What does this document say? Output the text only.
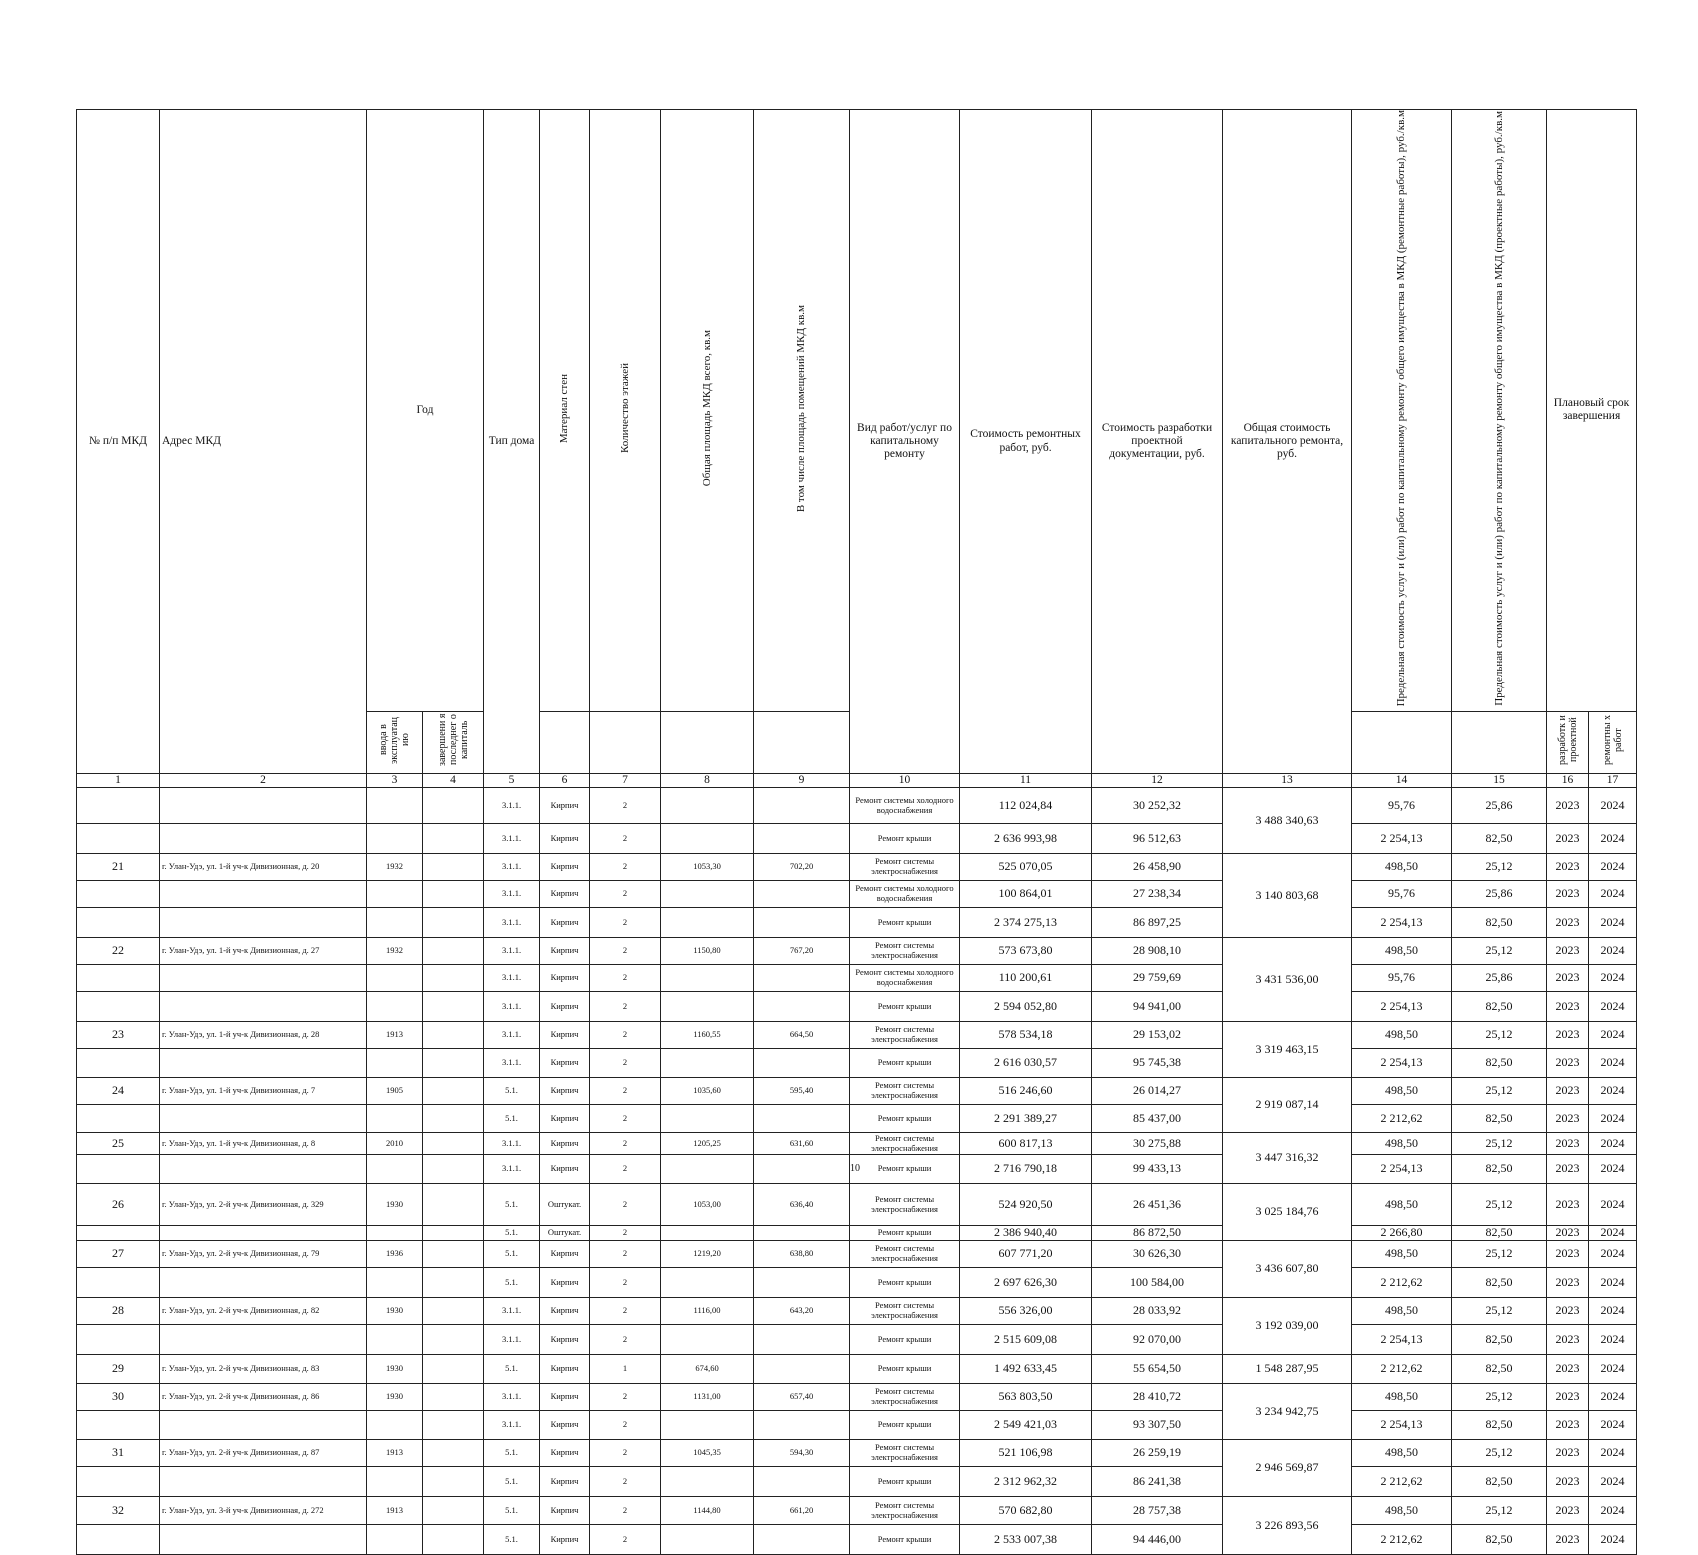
№ п/п МКД	Адрес МКД	Год		Тип дома	Материал стен	Количество этажей	Общая площадь МКД всего, кв.м	В том числе площадь помещений МКД кв.м	Вид работ/услуг по капитальному ремонту	Стоимость ремонтных работ, руб.	Стоимость разработки проектной документации, руб.	Общая стоимость капитального ремонта, руб.	Предельная стоимость услуг и (или) работ по капитальному ремонту общего имущества в МКД (ремонтные работы), руб./кв.м	Предельная стоимость услуг и (или) работ по капитальному ремонту общего имущества в МКД (проектные работы), руб./кв.м	Плановый срок завершения	
		ввода в эксплуатац ию	завершени я последнег о капиталь												разработк и проектной	ремонтны х работ
1	2	3	4	5	6	7	8	9	10	11	12	13	14	15	16	17
				3.1.1.	Кирпич	2			Ремонт системы холодного водоснабжения	112 024,84	30 252,32	3 488 340,63	95,76	25,86	2023	2024
				3.1.1.	Кирпич	2			Ремонт крыши	2 636 993,98	96 512,63		2 254,13	82,50	2023	2024
21	г. Улан-Удэ, ул. 1-й уч-к Дивизионная, д. 20	1932		3.1.1.	Кирпич	2	1053,30	702,20	Ремонт системы электроснабжения	525 070,05	26 458,90	3 140 803,68	498,50	25,12	2023	2024
				3.1.1.	Кирпич	2			Ремонт системы холодного водоснабжения	100 864,01	27 238,34		95,76	25,86	2023	2024
				3.1.1.	Кирпич	2			Ремонт крыши	2 374 275,13	86 897,25		2 254,13	82,50	2023	2024
22	г. Улан-Удэ, ул. 1-й уч-к Дивизионная, д. 27	1932		3.1.1.	Кирпич	2	1150,80	767,20	Ремонт системы электроснабжения	573 673,80	28 908,10	3 431 536,00	498,50	25,12	2023	2024
				3.1.1.	Кирпич	2			Ремонт системы холодного водоснабжения	110 200,61	29 759,69		95,76	25,86	2023	2024
				3.1.1.	Кирпич	2			Ремонт крыши	2 594 052,80	94 941,00		2 254,13	82,50	2023	2024
23	г. Улан-Удэ, ул. 1-й уч-к Дивизионная, д. 28	1913		3.1.1.	Кирпич	2	1160,55	664,50	Ремонт системы электроснабжения	578 534,18	29 153,02	3 319 463,15	498,50	25,12	2023	2024
				3.1.1.	Кирпич	2			Ремонт крыши	2 616 030,57	95 745,38		2 254,13	82,50	2023	2024
24	г. Улан-Удэ, ул. 1-й уч-к Дивизионная, д. 7	1905		5.1.	Кирпич	2	1035,60	595,40	Ремонт системы электроснабжения	516 246,60	26 014,27	2 919 087,14	498,50	25,12	2023	2024
				5.1.	Кирпич	2			Ремонт крыши	2 291 389,27	85 437,00		2 212,62	82,50	2023	2024
25	г. Улан-Удэ, ул. 1-й уч-к Дивизионная, д. 8	2010		3.1.1.	Кирпич	2	1205,25	631,60	Ремонт системы электроснабжения	600 817,13	30 275,88	3 447 316,32	498,50	25,12	2023	2024
				3.1.1.	Кирпич	2			Ремонт крыши	2 716 790,18	99 433,13		2 254,13	82,50	2023	2024
26	г. Улан-Удэ, ул. 2-й уч-к Дивизионная, д. 329	1930		5.1.	Оштукат.	2	1053,00	636,40	Ремонт системы электроснабжения	524 920,50	26 451,36	3 025 184,76	498,50	25,12	2023	2024
				5.1.	Оштукат.	2			Ремонт крыши	2 386 940,40	86 872,50		2 266,80	82,50	2023	2024
27	г. Улан-Удэ, ул. 2-й уч-к Дивизионная, д. 79	1936		5.1.	Кирпич	2	1219,20	638,80	Ремонт системы электроснабжения	607 771,20	30 626,30	3 436 607,80	498,50	25,12	2023	2024
				5.1.	Кирпич	2			Ремонт крыши	2 697 626,30	100 584,00		2 212,62	82,50	2023	2024
28	г. Улан-Удэ, ул. 2-й уч-к Дивизионная, д. 82	1930		3.1.1.	Кирпич	2	1116,00	643,20	Ремонт системы электроснабжения	556 326,00	28 033,92	3 192 039,00	498,50	25,12	2023	2024
				3.1.1.	Кирпич	2			Ремонт крыши	2 515 609,08	92 070,00		2 254,13	82,50	2023	2024
29	г. Улан-Удэ, ул. 2-й уч-к Дивизионная, д. 83	1930		5.1.	Кирпич	1	674,60		Ремонт крыши	1 492 633,45	55 654,50	1 548 287,95	2 212,62	82,50	2023	2024
30	г. Улан-Удэ, ул. 2-й уч-к Дивизионная, д. 86	1930		3.1.1.	Кирпич	2	1131,00	657,40	Ремонт системы электроснабжения	563 803,50	28 410,72	3 234 942,75	498,50	25,12	2023	2024
				3.1.1.	Кирпич	2			Ремонт крыши	2 549 421,03	93 307,50		2 254,13	82,50	2023	2024
31	г. Улан-Удэ, ул. 2-й уч-к Дивизионная, д. 87	1913		5.1.	Кирпич	2	1045,35	594,30	Ремонт системы электроснабжения	521 106,98	26 259,19	2 946 569,87	498,50	25,12	2023	2024
				5.1.	Кирпич	2			Ремонт крыши	2 312 962,32	86 241,38		2 212,62	82,50	2023	2024
32	г. Улан-Удэ, ул. 3-й уч-к Дивизионная, д. 272	1913		5.1.	Кирпич	2	1144,80	661,20	Ремонт системы электроснабжения	570 682,80	28 757,38	3 226 893,56	498,50	25,12	2023	2024
				5.1.	Кирпич	2			Ремонт крыши	2 533 007,38	94 446,00		2 212,62	82,50	2023	2024
10
